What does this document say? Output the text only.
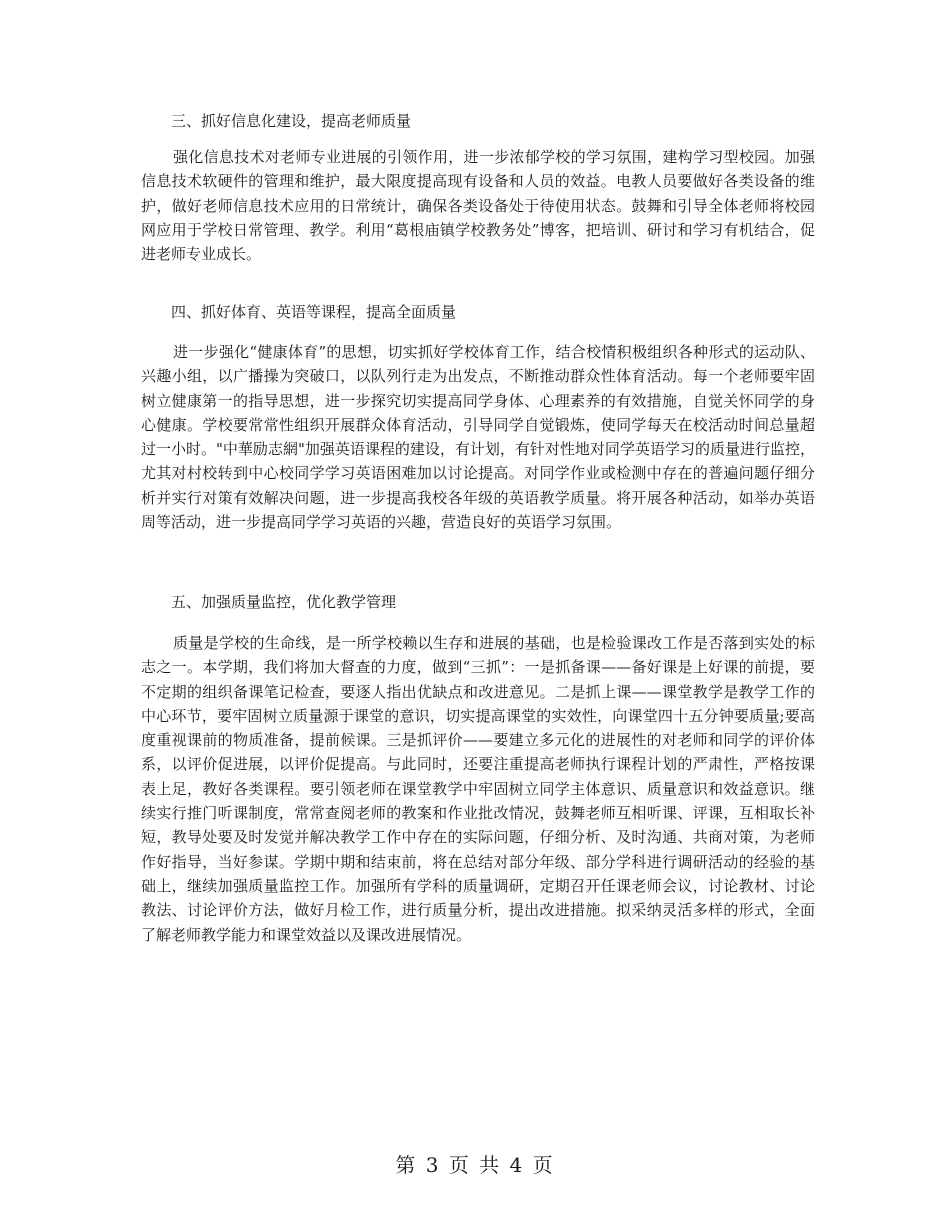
三、抓好信息化建设，提高老师质量

强化信息技术对老师专业进展的引领作用，进一步浓郁学校的学习氛围，建构学习型校园。加强信息技术软硬件的管理和维护，最大限度提高现有设备和人员的效益。电教人员要做好各类设备的维护，做好老师信息技术应用的日常统计，确保各类设备处于待使用状态。鼓舞和引导全体老师将校园网应用于学校日常管理、教学。利用“葛根庙镇学校教务处”博客，把培训、研讨和学习有机结合，促进老师专业成长。

四、抓好体育、英语等课程，提高全面质量

进一步强化“健康体育”的思想，切实抓好学校体育工作，结合校情积极组织各种形式的运动队、兴趣小组，以广播操为突破口，以队列行走为出发点，不断推动群众性体育活动。每一个老师要牢固树立健康第一的指导思想，进一步探究切实提高同学身体、心理素养的有效措施，自觉关怀同学的身心健康。学校要常常性组织开展群众体育活动，引导同学自觉锻炼，使同学每天在校活动时间总量超过一小时。"中華励志網"加强英语课程的建设，有计划，有针对性地对同学英语学习的质量进行监控，尤其对村校转到中心校同学学习英语困难加以讨论提高。对同学作业或检测中存在的普遍问题仔细分析并实行对策有效解决问题，进一步提高我校各年级的英语教学质量。将开展各种活动，如举办英语周等活动，进一步提高同学学习英语的兴趣，营造良好的英语学习氛围。

五、加强质量监控，优化教学管理

质量是学校的生命线，是一所学校赖以生存和进展的基础，也是检验课改工作是否落到实处的标志之一。本学期，我们将加大督查的力度，做到“三抓”：一是抓备课——备好课是上好课的前提，要不定期的组织备课笔记检查，要逐人指出优缺点和改进意见。二是抓上课——课堂教学是教学工作的中心环节，要牢固树立质量源于课堂的意识，切实提高课堂的实效性，向课堂四十五分钟要质量;要高度重视课前的物质准备，提前候课。三是抓评价——要建立多元化的进展性的对老师和同学的评价体系，以评价促进展，以评价促提高。与此同时，还要注重提高老师执行课程计划的严肃性，严格按课表上足，教好各类课程。要引领老师在课堂教学中牢固树立同学主体意识、质量意识和效益意识。继续实行推门听课制度，常常查阅老师的教案和作业批改情况，鼓舞老师互相听课、评课，互相取长补短，教导处要及时发觉并解决教学工作中存在的实际问题，仔细分析、及时沟通、共商对策，为老师作好指导，当好参谋。学期中期和结束前，将在总结对部分年级、部分学科进行调研活动的经验的基础上，继续加强质量监控工作。加强所有学科的质量调研，定期召开任课老师会议，讨论教材、讨论教法、讨论评价方法，做好月检工作，进行质量分析，提出改进措施。拟采纳灵活多样的形式，全面了解老师教学能力和课堂效益以及课改进展情况。

第 3 页 共 4 页
